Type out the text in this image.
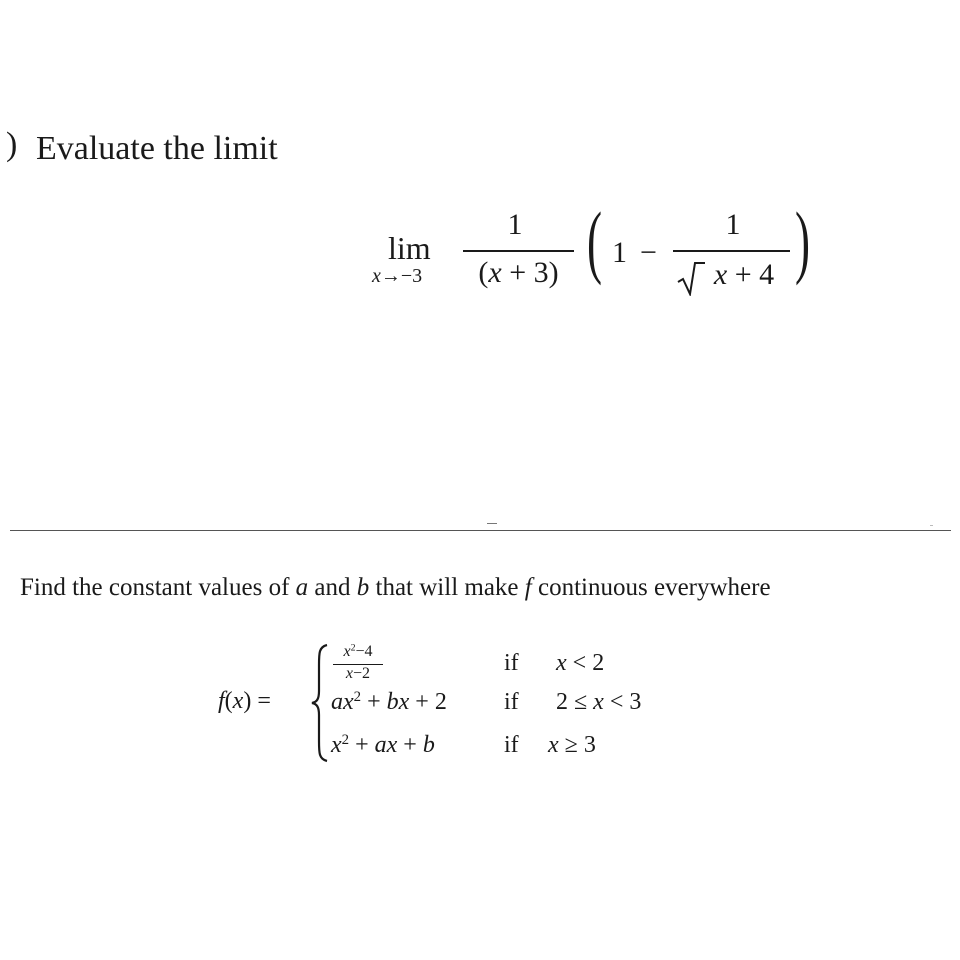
) Evaluate the limit
lim
x→−3
1
(x + 3) ( 1 −
1
x + 4 )
Find the constant values of a and b that will make f continuous everywhere
f(x) =
$x^2-4$
x−2	if x < 2
$ax^2$ + bx + 2 if 2 ≤ x < 3
$x^2$ + ax + b	if x ≥ 3
